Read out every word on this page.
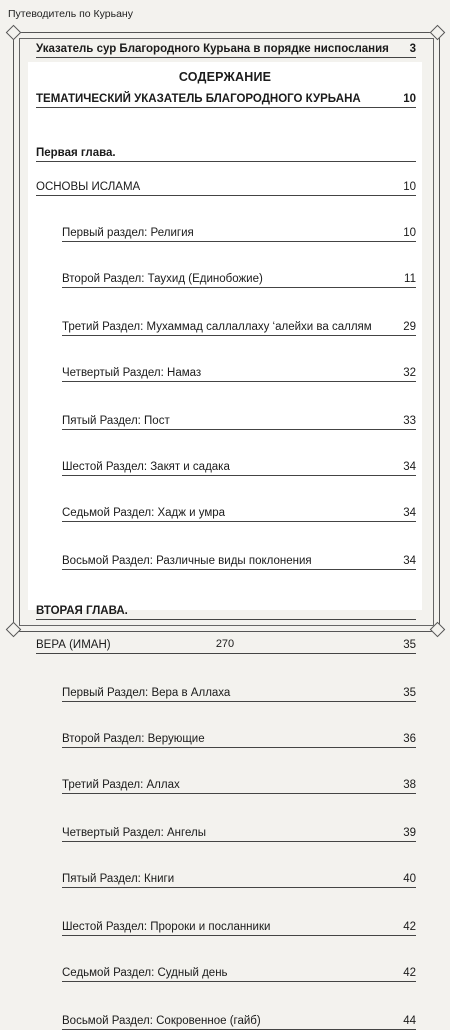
Путеводитель по Курьану
СОДЕРЖАНИЕ
Указатель сур Благородного Курьана в порядке ниспослания 3
ТЕМАТИЧЕСКИЙ УКАЗАТЕЛЬ БЛАГОРОДНОГО КУРЬАНА	10
Первая глава.
ОСНОВЫ ИСЛАМА	10
Первый раздел: Религия	10
Второй Раздел: Таухид (Единобожие)	11
Третий Раздел: Мухаммад саллаллаху ‘алейхи ва саллям	29
Четвертый Раздел: Намаз	32
Пятый Раздел: Пост	33
Шестой Раздел: Закят и садака	34
Седьмой Раздел: Хадж и умра	34
Восьмой Раздел: Различные виды поклонения	34
ВТОРАЯ ГЛАВА.
ВЕРА (ИМАН)	35
Первый Раздел: Вера в Аллаха	35
Второй Раздел: Верующие	36
Третий Раздел: Аллах	38
Четвертый Раздел: Ангелы	39
Пятый Раздел: Книги	40
Шестой Раздел: Пророки и посланники	42
Седьмой Раздел: Судный день	42
Восьмой Раздел: Сокровенное (гайб)	44
270
